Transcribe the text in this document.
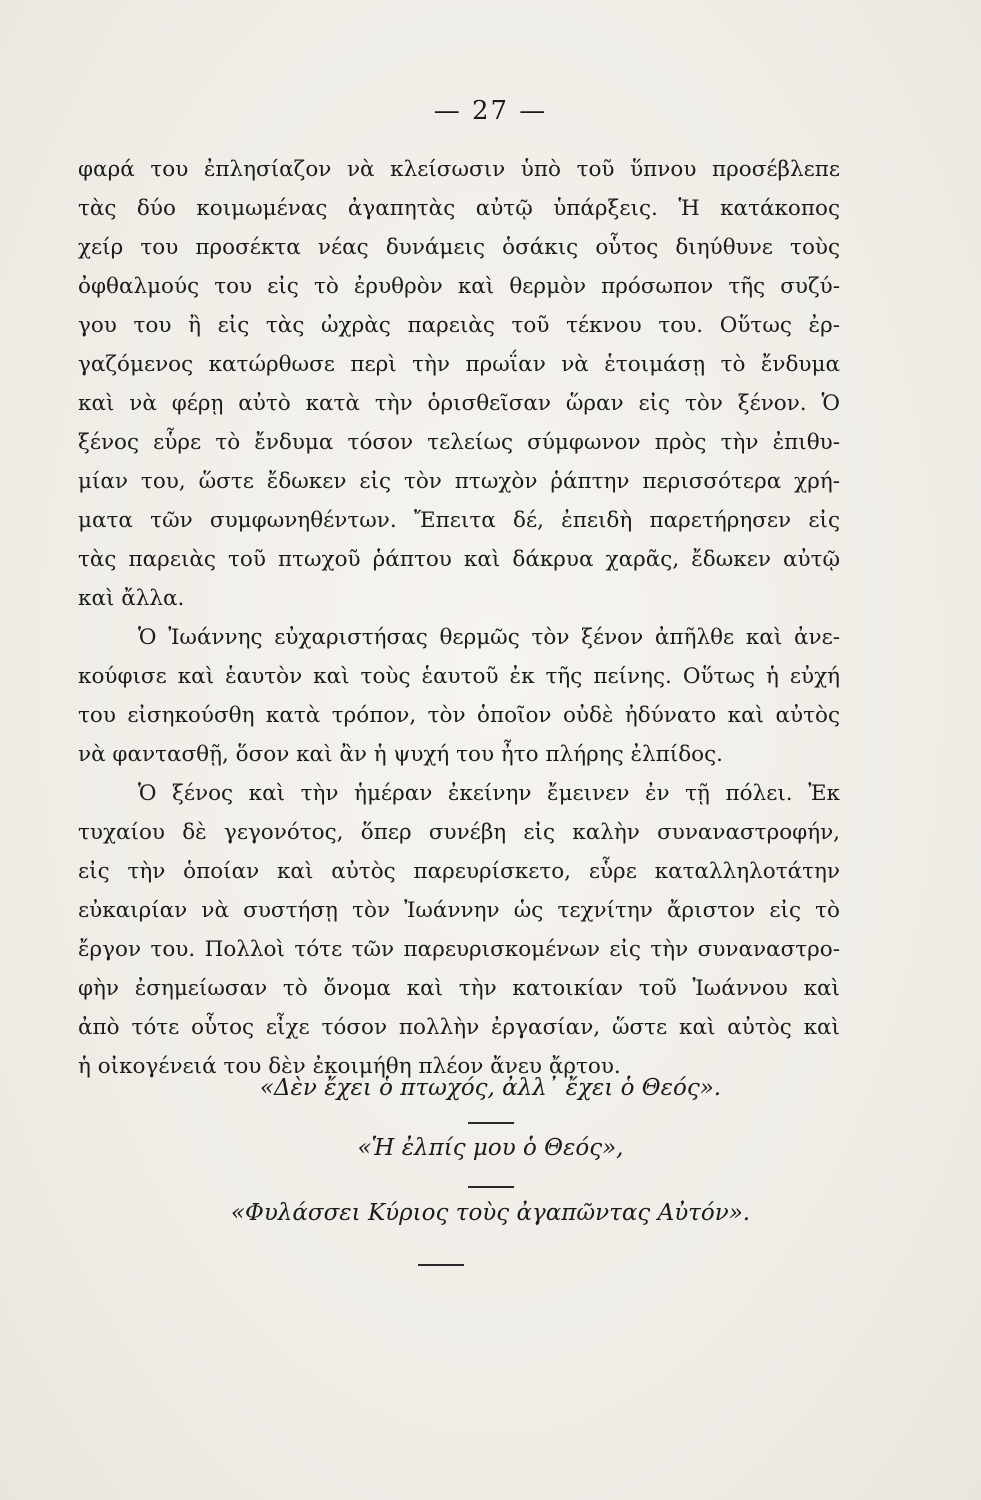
— 27 —
φαρά του ἐπλησίαζον νὰ κλείσωσιν ὑπὸ τοῦ ὕπνου προσέβλεπε
τὰς δύο κοιμωμένας ἀγαπητὰς αὐτῷ ὑπάρξεις. Ἡ κατάκοπος
χείρ του προσέκτα νέας δυνάμεις ὁσάκις οὗτος διηύθυνε τοὺς
ὀφθαλμούς του εἰς τὸ ἐρυθρὸν καὶ θερμὸν πρόσωπον τῆς συζύ-
γου του ἢ εἰς τὰς ὠχρὰς παρειὰς τοῦ τέκνου του. Οὕτως ἐρ-
γαζόμενος κατώρθωσε περὶ τὴν πρωΐαν νὰ ἑτοιμάσῃ τὸ ἔνδυμα
καὶ νὰ φέρῃ αὐτὸ κατὰ τὴν ὁρισθεῖσαν ὥραν εἰς τὸν ξένον. Ὁ
ξένος εὗρε τὸ ἔνδυμα τόσον τελείως σύμφωνον πρὸς τὴν ἐπιθυ-
μίαν του, ὥστε ἔδωκεν εἰς τὸν πτωχὸν ῥάπτην περισσότερα χρή-
ματα τῶν συμφωνηθέντων. Ἔπειτα δέ, ἐπειδὴ παρετήρησεν εἰς
τὰς παρειὰς τοῦ πτωχοῦ ῥάπτου καὶ δάκρυα χαρᾶς, ἔδωκεν αὐτῷ
καὶ ἄλλα.
Ὁ Ἰωάννης εὐχαριστήσας θερμῶς τὸν ξένον ἀπῆλθε καὶ ἀνε-
κούφισε καὶ ἑαυτὸν καὶ τοὺς ἑαυτοῦ ἐκ τῆς πείνης. Οὕτως ἡ εὐχή
του εἰσηκούσθη κατὰ τρόπον, τὸν ὁποῖον οὐδὲ ἠδύνατο καὶ αὐτὸς
νὰ φαντασθῇ, ὅσον καὶ ἂν ἡ ψυχή του ἦτο πλήρης ἐλπίδος.
Ὁ ξένος καὶ τὴν ἡμέραν ἐκείνην ἔμεινεν ἐν τῇ πόλει. Ἐκ
τυχαίου δὲ γεγονότος, ὅπερ συνέβη εἰς καλὴν συναναστροφήν,
εἰς τὴν ὁποίαν καὶ αὐτὸς παρευρίσκετο, εὗρε καταλληλοτάτην
εὐκαιρίαν νὰ συστήσῃ τὸν Ἰωάννην ὡς τεχνίτην ἄριστον εἰς τὸ
ἔργον του. Πολλοὶ τότε τῶν παρευρισκομένων εἰς τὴν συναναστρο-
φὴν ἐσημείωσαν τὸ ὄνομα καὶ τὴν κατοικίαν τοῦ Ἰωάννου καὶ
ἀπὸ τότε οὗτος εἶχε τόσον πολλὴν ἐργασίαν, ὥστε καὶ αὐτὸς καὶ
ἡ οἰκογένειά του δὲν ἐκοιμήθη πλέον ἄνευ ἄρτου.
«Δὲν ἔχει ὁ πτωχός, ἀλλ᾽ ἔχει ὁ Θεός».
«Ἡ ἐλπίς μου ὁ Θεός»,
«Φυλάσσει Κύριος τοὺς ἀγαπῶντας Αὐτόν».
